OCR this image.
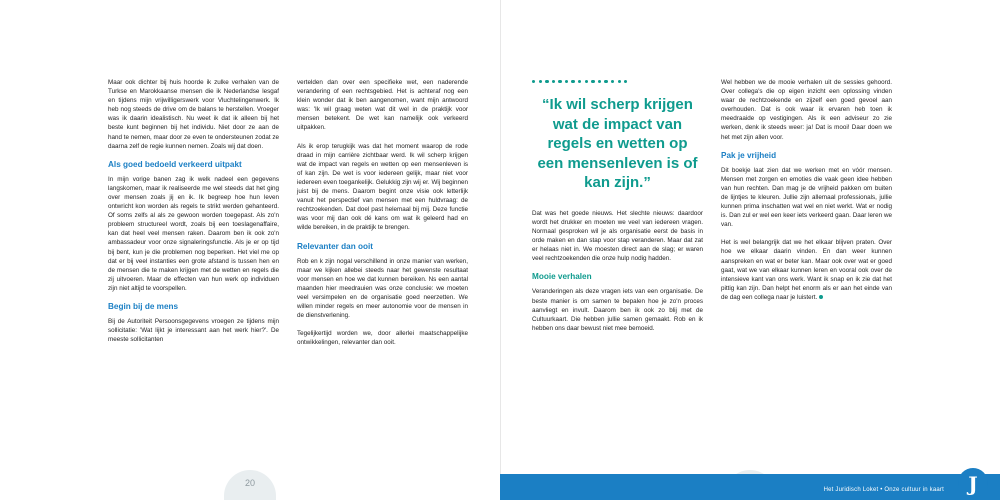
Maar ook dichter bij huis hoorde ik zulke verhalen van de Turkse en Marokkaanse mensen die ik Nederlandse lesgaf en tijdens mijn vrijwilligerswerk voor Vluchtelingenwerk. Ik heb nog steeds de drive om de balans te herstellen. Vroeger was ik daarin idealistisch. Nu weet ik dat ik alleen bij het beste kunt beginnen bij het individu. Niet door ze aan de hand te nemen, maar door ze even te ondersteunen zodat ze daarna zelf de regie kunnen nemen. Zoals wij dat doen.

Als goed bedoeld verkeerd uitpakt

In mijn vorige banen zag ik welk nadeel een gegevens langskomen, maar ik realiseerde me wel steeds dat het ging over mensen zoals jij en ik. Ik begreep hoe hun leven ontwricht kon worden als regels te strikt werden gehanteerd. Of soms zelfs al als ze gewoon worden toegepast. Als zo'n probleem structureel wordt, zoals bij een toeslagenaffaire, kan dat heel veel mensen raken. Daarom ben ik ook zo'n ambassadeur voor onze signaleringsfunctie. Als je er op tijd bij bent, kun je die problemen nog beperken. Het viel me op dat er bij veel instanties een grote afstand is tussen hen en de mensen die te maken krijgen met de wetten en regels die zij uitvoeren. Maar de effecten van hun werk op individuen zijn niet altijd te voorspellen.

Begin bij de mens

Bij de Autoriteit Persoonsgegevens vroegen ze tijdens mijn sollicitatie: 'Wat lijkt je interessant aan het werk hier?'. De meeste sollicitanten

vertelden dan over een specifieke wet, een naderende verandering of een rechtsgebied. Het is achteraf nog een klein wonder dat ik ben aangenomen, want mijn antwoord was: 'Ik wil graag weten wat dit wel in de praktijk voor mensen betekent. De wet kan namelijk ook verkeerd uitpakken.

Als ik erop terugkijk was dat het moment waarop de rode draad in mijn carrière zichtbaar werd. Ik wil scherp krijgen wat de impact van regels en wetten op een mensenleven is of kan zijn. De wet is voor iedereen gelijk, maar niet voor iedereen even toegankelijk. Gelukkig zijn wij er. Wij beginnen juist bij de mens. Daarom begint onze visie ook letterlijk vanuit het perspectief van mensen met een huldvraag: de rechtzoekenden. Dat doel past helemaal bij mij. Deze functie was voor mij dan ook dé kans om wat ik geleerd had en wilde bereiken, in de praktijk te brengen.

Relevanter dan ooit

Rob en k zijn nogal verschillend in onze manier van werken, maar we kijken allebei steeds naar het gewenste resultaat voor mensen en hoe we dat kunnen bereiken. Ns een aantal maanden hier meedrauien was onze conclusie: we moeten veel versimpelen en de organisatie goed neerzetten. We willen minder regels en meer autonomie voor de mensen in de dienstverlening.

Tegelijkertijd worden we, door allerlei maatschappelijke ontwikkelingen, relevanter dan ooit.

20
“Ik wil scherp krijgen wat de impact van regels en wetten op een mensenleven is of kan zijn.”

Dat was het goede nieuws. Het slechte nieuws: daardoor wordt het drukker en moeten we veel van iedereen vragen. Normaal gesproken wil je als organisatie eerst de basis in orde maken en dan stap voor stap veranderen. Maar dat zat er helaas niet in. We moesten direct aan de slag; er waren veel rechtzoekenden die onze hulp nodig hadden.

Mooie verhalen

Veranderingen als deze vragen iets van een organisatie. De beste manier is om samen te bepalen hoe je zo'n proces aanvliegt en invult. Daarom ben ik ook zo blij met de Cultuurkaart. Die hebben jullie samen gemaakt. Rob en ik hebben ons daar bewust niet mee bemoeid.

Wel hebben we de mooie verhalen uit de sessies gehoord. Over collega's die op eigen inzicht een oplossing vinden waar de rechtzoekende en zijzelf een goed gevoel aan overhouden. Dat is ook waar ik ervaren heb toen ik meedraaide op vestigingen. Als ik een adviseur zo zie werken, denk ik steeds weer: ja! Dat is mooi! Daar doen we het met zijn allen voor.

Pak je vrijheid

Dit boekje laat zien dat we werken met en vóór mensen. Mensen met zorgen en emoties die vaak geen idee hebben van hun rechten. Dan mag je de vrijheid pakken om buiten de lijntjes te kleuren. Jullie zijn allemaal professionals, jullie kunnen prima inschatten wat wel en niet werkt. Wat er nodig is. Dan zul er wel een keer iets verkeerd gaan. Daar leren we van.

Het is wel belangrijk dat we het elkaar blijven praten. Over hoe we elkaar daarin vinden. En dan weer kunnen aanspreken en wat er beter kan. Maar ook over wat er goed gaat, wat we van elkaar kunnen leren en vooral ook over de intensieve kant van ons werk. Want ik snap en ik zie dat het pittig kan zijn. Dan helpt het enorm als er aan het einde van de dag een collega naar je luistert.

Het Juridisch Loket • Onze cultuur in kaart	J
